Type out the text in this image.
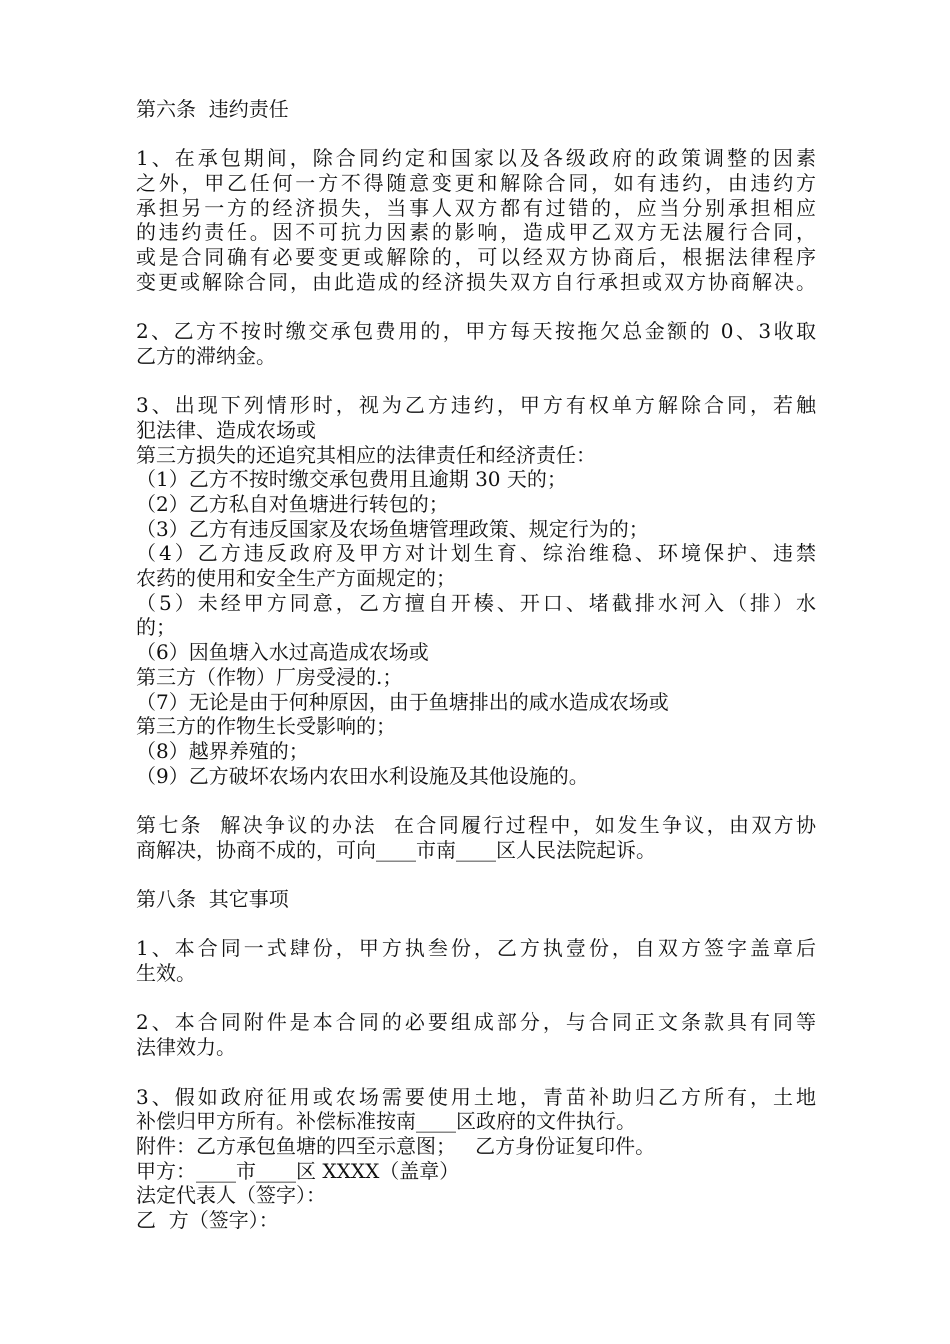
第六条  违约责任
1、在承包期间，除合同约定和国家以及各级政府的政策调整的因素
之外，甲乙任何一方不得随意变更和解除合同，如有违约，由违约方
承担另一方的经济损失，当事人双方都有过错的，应当分别承担相应
的违约责任。因不可抗力因素的影响，造成甲乙双方无法履行合同，
或是合同确有必要变更或解除的，可以经双方协商后，根据法律程序
变更或解除合同，由此造成的经济损失双方自行承担或双方协商解决。
2、乙方不按时缴交承包费用的，甲方每天按拖欠总金额的 0、3收取
乙方的滞纳金。
3、出现下列情形时，视为乙方违约，甲方有权单方解除合同，若触
犯法律、造成农场或
第三方损失的还追究其相应的法律责任和经济责任：
（1）乙方不按时缴交承包费用且逾期 30 天的；
（2）乙方私自对鱼塘进行转包的；
（3）乙方有违反国家及农场鱼塘管理政策、规定行为的；
（4）乙方违反政府及甲方对计划生育、综治维稳、环境保护、违禁
农药的使用和安全生产方面规定的；
（5）未经甲方同意，乙方擅自开楱、开口、堵截排水河入（排）水
的；
（6）因鱼塘入水过高造成农场或
第三方（作物）厂房受浸的.；
（7）无论是由于何种原因，由于鱼塘排出的咸水造成农场或
第三方的作物生长受影响的；
（8）越界养殖的；
（9）乙方破坏农场内农田水利设施及其他设施的。
第七条  解决争议的办法  在合同履行过程中，如发生争议，由双方协
商解决，协商不成的，可向____市南____区人民法院起诉。
第八条  其它事项
1、本合同一式肆份，甲方执叁份，乙方执壹份，自双方签字盖章后
生效。
2、本合同附件是本合同的必要组成部分，与合同正文条款具有同等
法律效力。
3、假如政府征用或农场需要使用土地，青苗补助归乙方所有，土地
补偿归甲方所有。补偿标准按南____区政府的文件执行。
附件：乙方承包鱼塘的四至示意图；   乙方身份证复印件。
甲方：____市____区 XXXX（盖章）
法定代表人（签字）：
乙  方（签字）：
